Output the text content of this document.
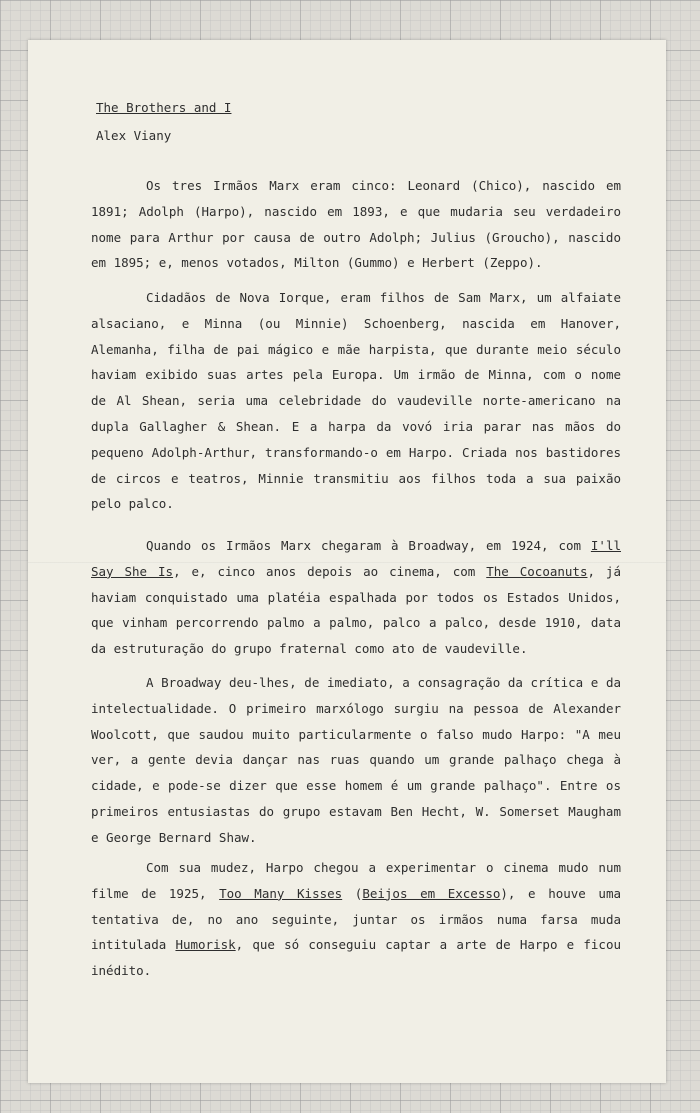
The Brothers and I
Alex Viany

Os tres Irmãos Marx eram cinco: Leonard (Chico), nascido em 1891; Adolph (Harpo), nascido em 1893, e que mudaria seu verdadeiro nome para Arthur por causa de outro Adolph; Julius (Groucho), nascido em 1895; e, menos votados, Milton (Gummo) e Herbert (Zeppo).

Cidadãos de Nova Iorque, eram filhos de Sam Marx, um alfaiate alsaciano, e Minna (ou Minnie) Schoenberg, nascida em Hanover, Alemanha, filha de pai mágico e mãe harpista, que durante meio século haviam exibido suas artes pela Europa. Um irmão de Minna, com o nome de Al Shean, seria uma celebridade do vaudeville norte-americano na dupla Gallagher & Shean. E a harpa da vovó iria parar nas mãos do pequeno Adolph-Arthur, transformando-o em Harpo. Criada nos bastidores de circos e teatros, Minnie transmitiu aos filhos toda a sua paixão pelo palco.

Quando os Irmãos Marx chegaram à Broadway, em 1924, com I'll Say She Is, e, cinco anos depois ao cinema, com The Cocoanuts, já haviam conquistado uma platéia espalhada por todos os Estados Unidos, que vinham percorrendo palmo a palmo, palco a palco, desde 1910, data da estruturação do grupo fraternal como ato de vaudeville.

A Broadway deu-lhes, de imediato, a consagração da crítica e da intelectualidade. O primeiro marxólogo surgiu na pessoa de Alexander Woolcott, que saudou muito particularmente o falso mudo Harpo: "A meu ver, a gente devia dançar nas ruas quando um grande palhaço chega à cidade, e pode-se dizer que esse homem é um grande palhaço". Entre os primeiros entusiastas do grupo estavam Ben Hecht, W. Somerset Maugham e George Bernard Shaw.

Com sua mudez, Harpo chegou a experimentar o cinema mudo num filme de 1925, Too Many Kisses (Beijos em Excesso), e houve uma tentativa de, no ano seguinte, juntar os irmãos numa farsa muda intitulada Humorisk, que só conseguiu captar a arte de Harpo e ficou inédito.
